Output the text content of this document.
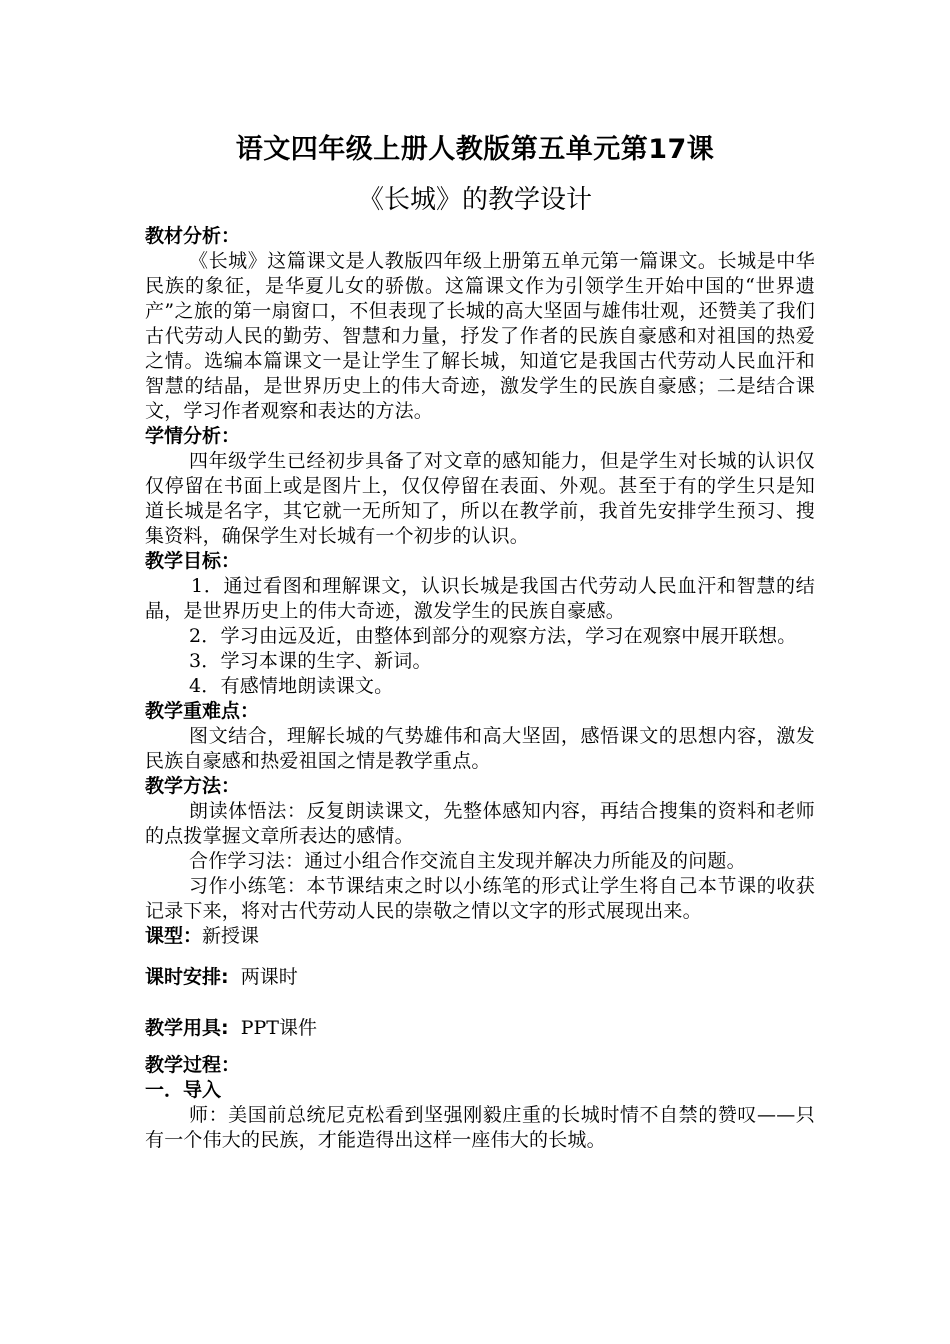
语文四年级上册人教版第五单元第17课
《长城》的教学设计
教材分析：

《长城》这篇课文是人教版四年级上册第五单元第一篇课文。长城是中华民族的象征，是华夏儿女的骄傲。这篇课文作为引领学生开始中国的“世界遗产”之旅的第一扇窗口，不但表现了长城的高大坚固与雄伟壮观，还赞美了我们古代劳动人民的勤劳、智慧和力量，抒发了作者的民族自豪感和对祖国的热爱之情。选编本篇课文一是让学生了解长城，知道它是我国古代劳动人民血汗和智慧的结晶，是世界历史上的伟大奇迹，激发学生的民族自豪感；二是结合课文，学习作者观察和表达的方法。

学情分析：

四年级学生已经初步具备了对文章的感知能力，但是学生对长城的认识仅仅停留在书面上或是图片上，仅仅停留在表面、外观。甚至于有的学生只是知道长城是名字，其它就一无所知了，所以在教学前，我首先安排学生预习、搜集资料，确保学生对长城有一个初步的认识。

教学目标：

1．通过看图和理解课文，认识长城是我国古代劳动人民血汗和智慧的结晶，是世界历史上的伟大奇迹，激发学生的民族自豪感。

2．学习由远及近，由整体到部分的观察方法，学习在观察中展开联想。

3．学习本课的生字、新词。

4．有感情地朗读课文。

教学重难点：

图文结合，理解长城的气势雄伟和高大坚固，感悟课文的思想内容，激发民族自豪感和热爱祖国之情是教学重点。

教学方法：

朗读体悟法：反复朗读课文，先整体感知内容，再结合搜集的资料和老师的点拨掌握文章所表达的感情。

合作学习法：通过小组合作交流自主发现并解决力所能及的问题。

习作小练笔：本节课结束之时以小练笔的形式让学生将自己本节课的收获记录下来，将对古代劳动人民的崇敬之情以文字的形式展现出来。

课型：新授课
课时安排: 两课时
教学用具: PPT课件
教学过程：
一．导入

师：美国前总统尼克松看到坚强刚毅庄重的长城时情不自禁的赞叹——只有一个伟大的民族，才能造得出这样一座伟大的长城。
